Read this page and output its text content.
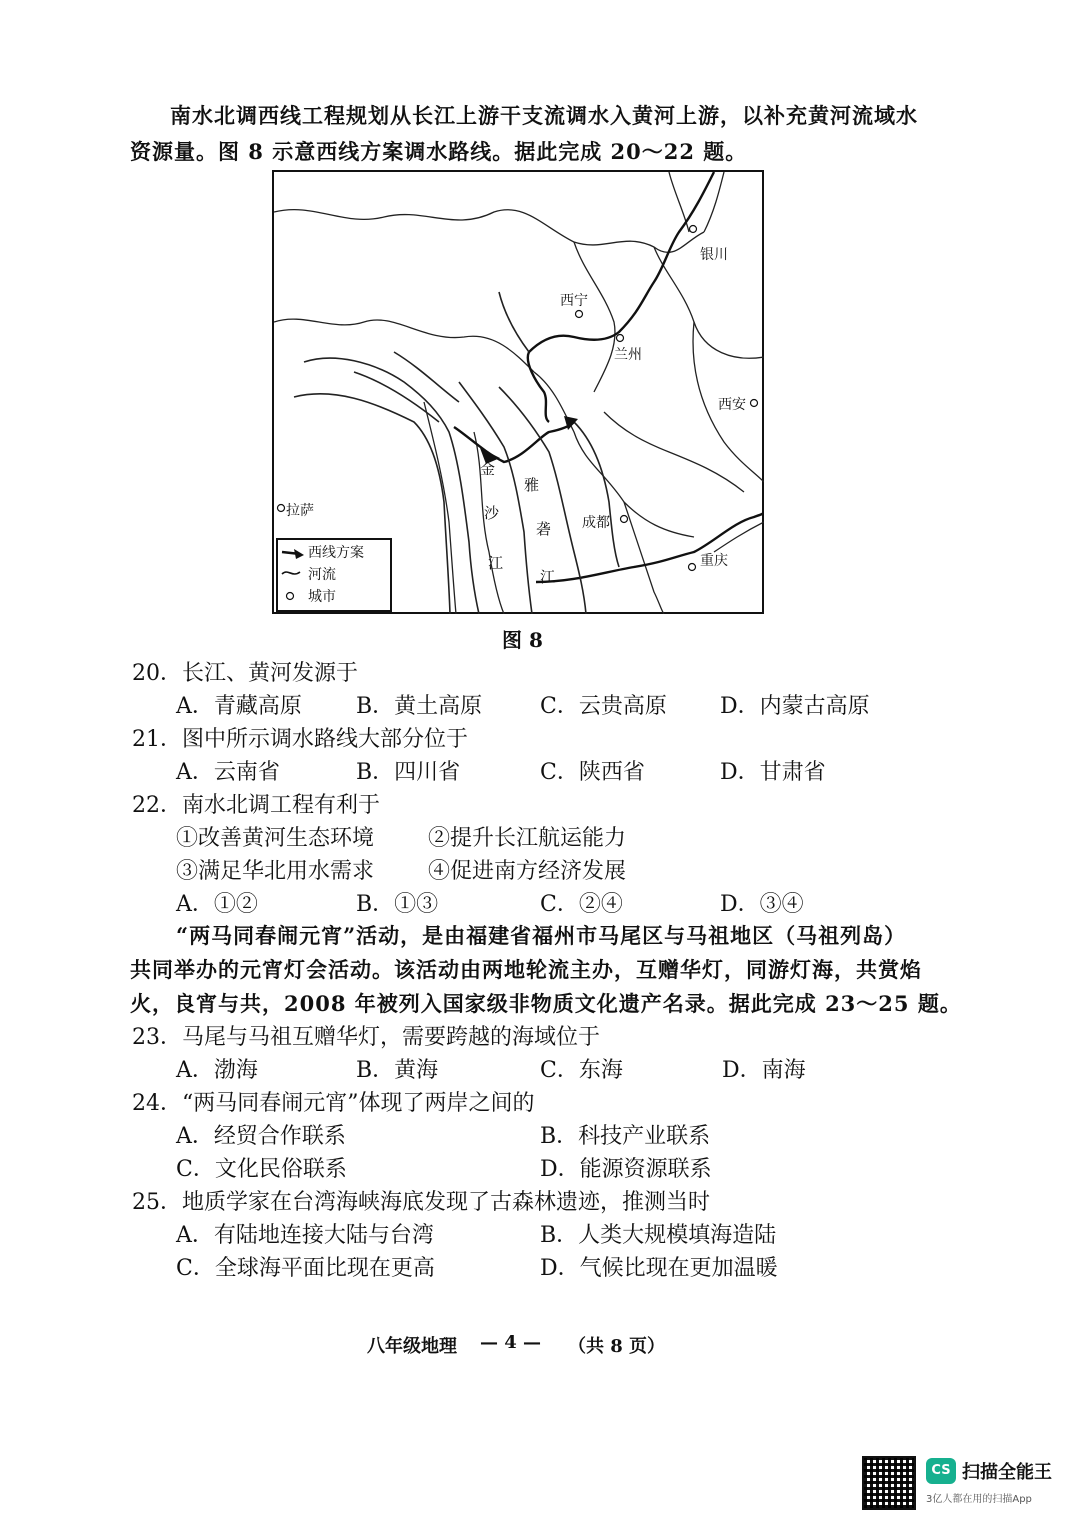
南水北调西线工程规划从长江上游干支流调水入黄河上游，以补充黄河流域水
资源量。图 8 示意西线方案调水路线。据此完成 20～22 题。
银川
西宁
兰州
西安
拉萨
成都
重庆
金
沙
江
雅
砻
江
西线方案
河流
城市
图 8
20．长江、黄河发源于
A．青藏高原 B．黄土高原	C．云贵高原 D．内蒙古高原
21．图中所示调水路线大部分位于
A．云南省	B．四川省	C．陕西省	D．甘肃省
22．南水北调工程有利于
①改善黄河生态环境 ②提升长江航运能力
③满足华北用水需求 ④促进南方经济发展
A．①②	B．①③	C．②④	D．③④
“两马同春闹元宵”活动，是由福建省福州市马尾区与马祖地区（马祖列岛）
共同举办的元宵灯会活动。该活动由两地轮流主办，互赠华灯，同游灯海，共赏焰
火，良宵与共，2008 年被列入国家级非物质文化遗产名录。据此完成 23～25 题。
23．马尾与马祖互赠华灯，需要跨越的海域位于
A．渤海	B．黄海	C．东海	D．南海
24．“两马同春闹元宵”体现了两岸之间的
A．经贸合作联系	B．科技产业联系
C．文化民俗联系	D．能源资源联系
25．地质学家在台湾海峡海底发现了古森林遗迹，推测当时
A．有陆地连接大陆与台湾	B．人类大规模填海造陆
C．全球海平面比现在更高	D．气候比现在更加温暖
八年级地理 — 4 — （共 8 页）
CS 扫描全能王
3亿人都在用的扫描App
